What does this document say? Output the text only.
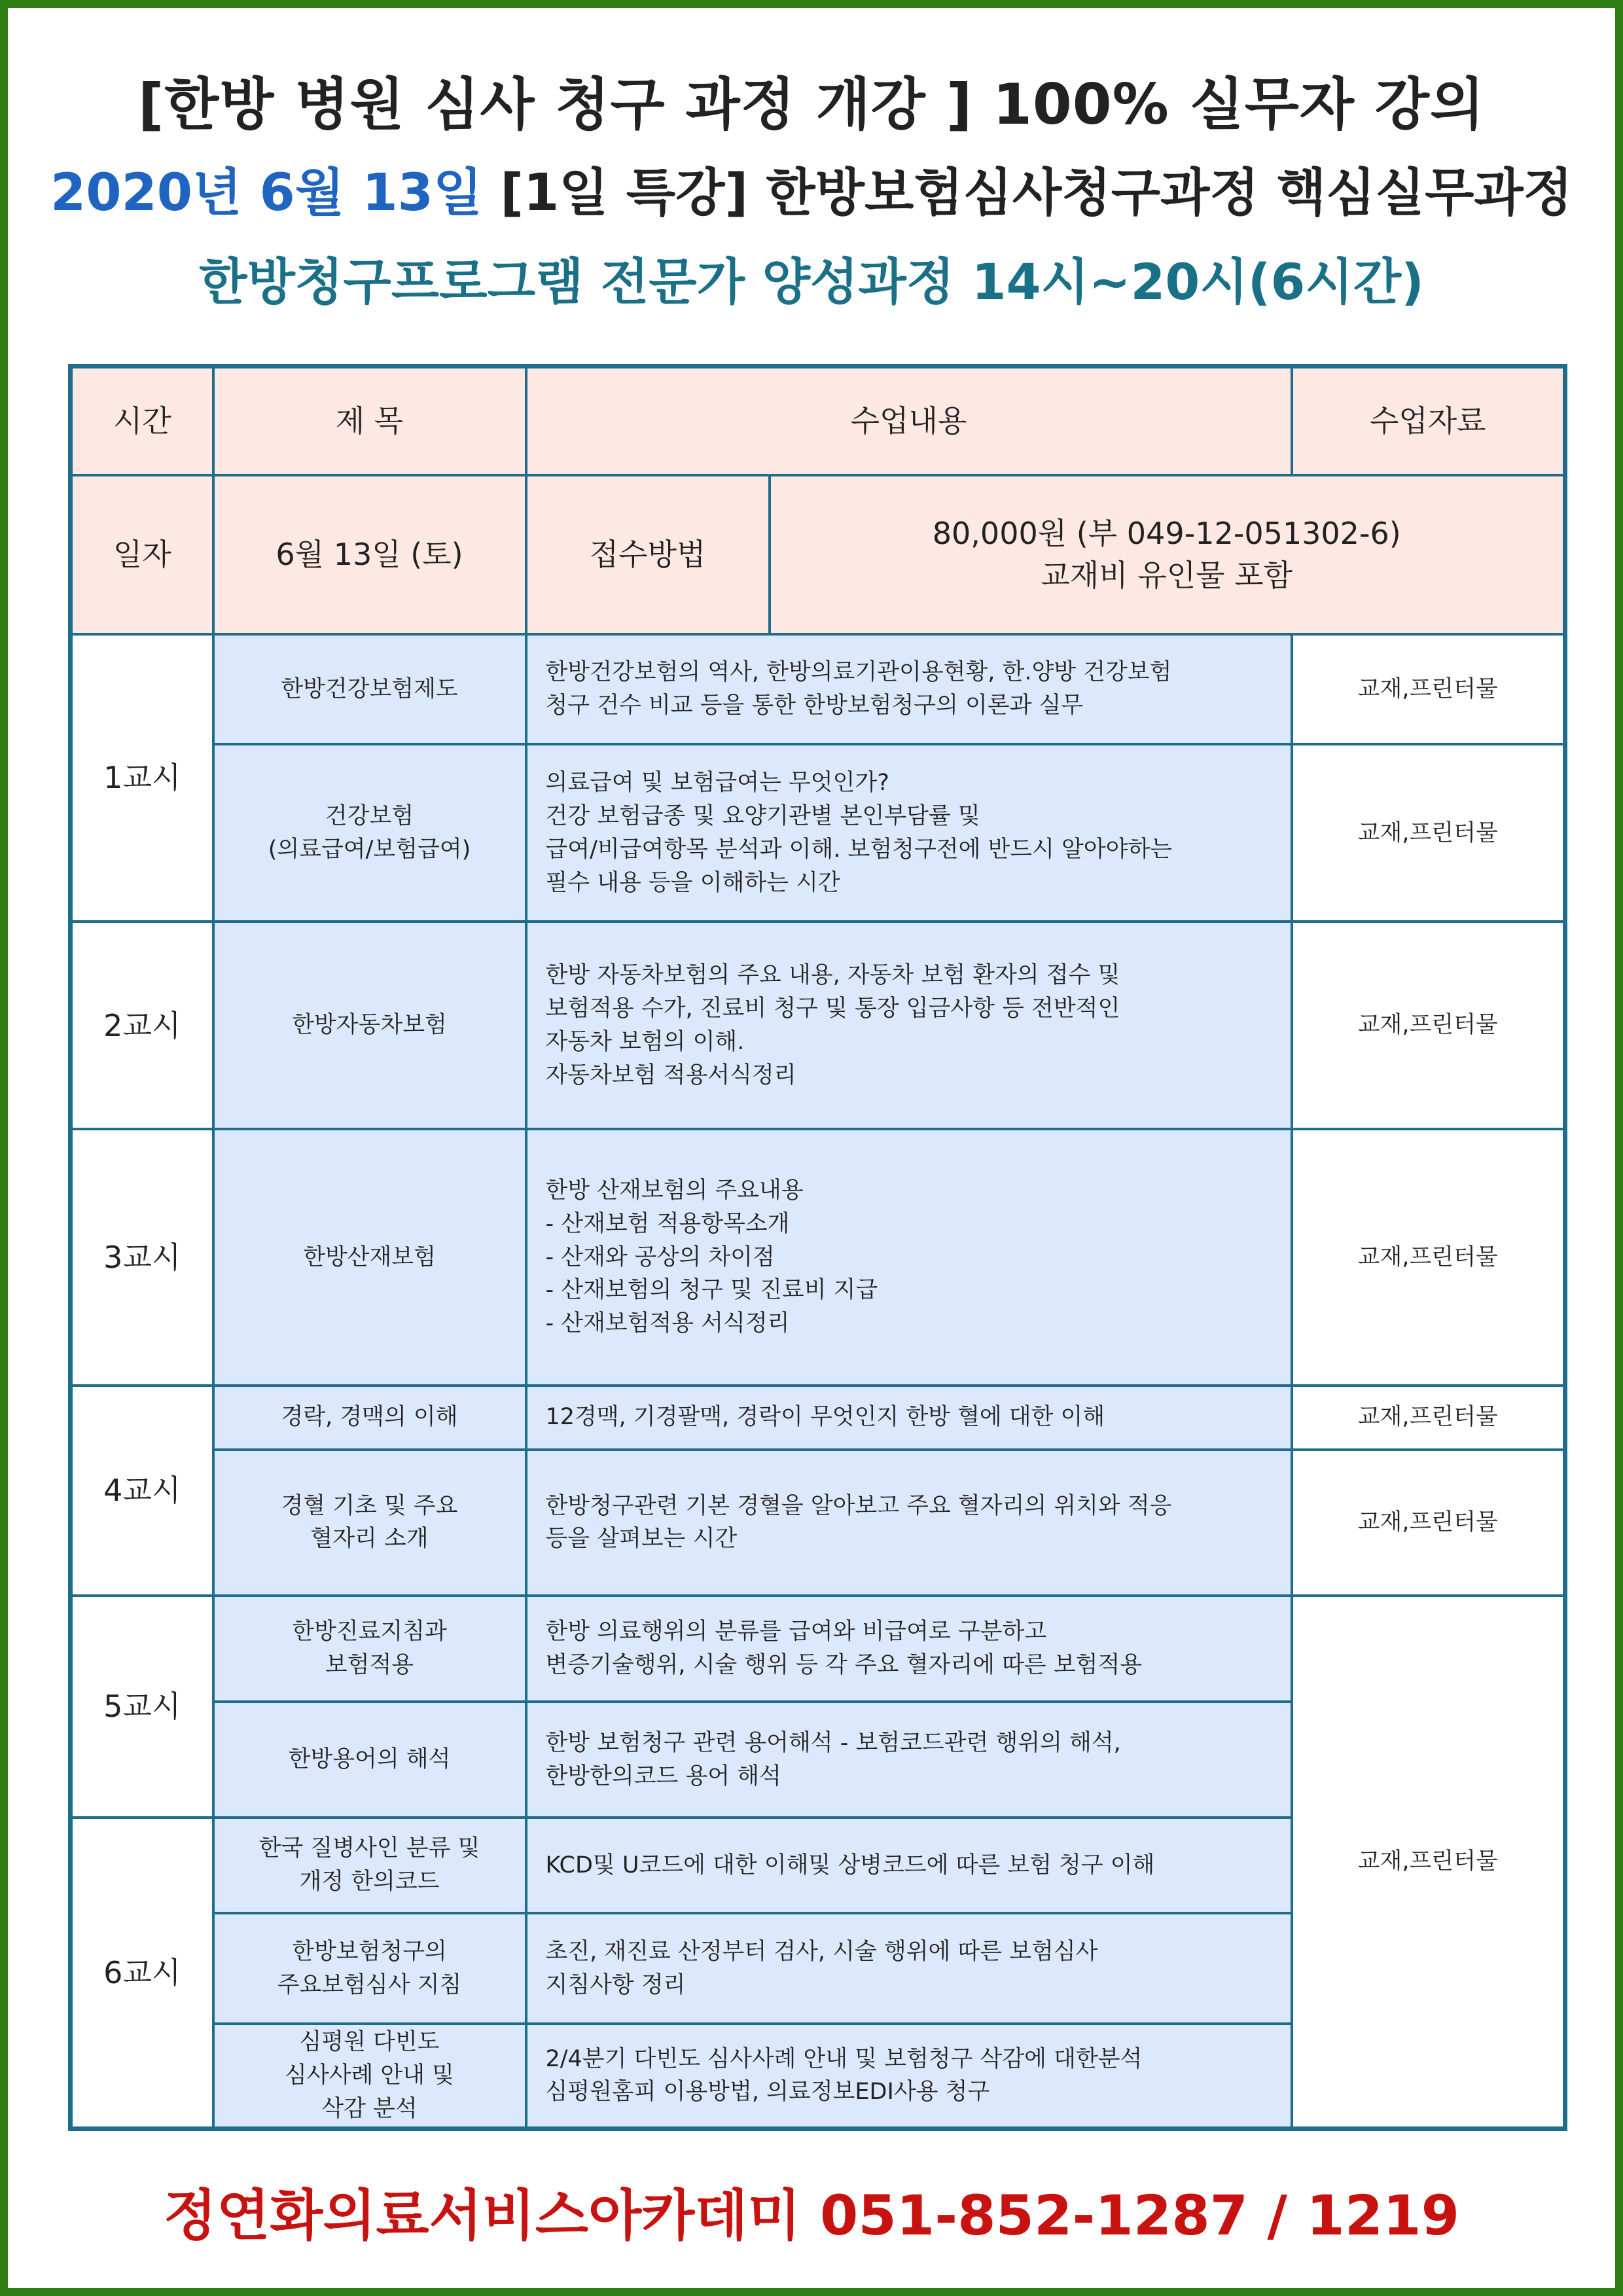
[한방 병원 심사 청구 과정 개강 ] 100% 실무자 강의
2020년 6월 13일 [1일 특강] 한방보험심사청구과정 핵심실무과정
한방청구프로그램 전문가 양성과정 14시~20시(6시간)
시간	제 목	수업내용		수업자료
일자	6월 13일 (토)	접수방법	80,000원 (부 049-12-051302-6)
교재비 유인물 포함	

1교시	한방건강보험제도	한방건강보험의 역사, 한방의료기관이용현황, 한.양방 건강보험
청구 건수 비교 등을 통한 한방보험청구의 이론과 실무		교재,프린터물

	건강보험
(의료급여/보험급여)	의료급여 및 보험급여는 무엇인가?
건강 보험급종 및 요양기관별 본인부담률 및
급여/비급여항목 분석과 이해. 보험청구전에 반드시 알아야하는
필수 내용 등을 이해하는 시간		교재,프린터물
2교시	한방자동차보험	한방 자동차보험의 주요 내용, 자동차 보험 환자의 접수 및
보험적용 수가, 진료비 청구 및 통장 입금사항 등 전반적인
자동차 보험의 이해.
자동차보험 적용서식정리		교재,프린터물
3교시	한방산재보험	한방 산재보험의 주요내용
- 산재보험 적용항목소개
- 산재와 공상의 차이점
- 산재보험의 청구 및 진료비 지급
- 산재보험적용 서식정리		교재,프린터물
4교시	경락, 경맥의 이해	12경맥, 기경팔맥, 경락이 무엇인지 한방 혈에 대한 이해		교재,프린터물

	경혈 기초 및 주요
혈자리 소개	한방청구관련 기본 경혈을 알아보고 주요 혈자리의 위치와 적응
등을 살펴보는 시간		교재,프린터물
5교시	한방진료지침과
보험적용	한방 의료행위의 분류를 급여와 비급여로 구분하고
변증기술행위, 시술 행위 등 각 주요 혈자리에 따른 보험적용		교재,프린터물

	한방용어의 해석	한방 보험청구 관련 용어해석 - 보험코드관련 행위의 해석,
한방한의코드 용어 해석		

6교시	한국 질병사인 분류 및
개정 한의코드	KCD및 U코드에 대한 이해및 상병코드에 따른 보험 청구 이해		

	한방보험청구의
주요보험심사 지침	초진, 재진료 산정부터 검사, 시술 행위에 따른 보험심사
지침사항 정리		

	심평원 다빈도
심사사례 안내 및
삭감 분석	2/4분기 다빈도 심사사례 안내 및 보험청구 삭감에 대한분석
심평원홈피 이용방법, 의료정보EDI사용 청구		
정연화의료서비스아카데미 051-852-1287 / 1219
